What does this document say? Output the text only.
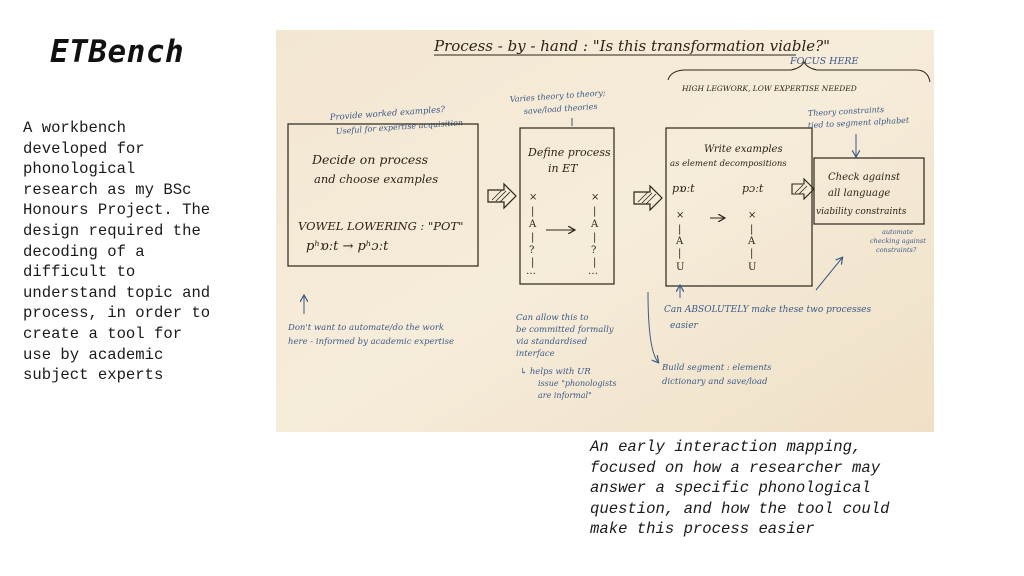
ETBench
A workbench
developed for
phonological
research as my BSc
Honours Project. The
design required the
decoding of a
difficult to
understand topic and
process, in order to
create a tool for
use by academic
subject experts
Process - by - hand : "Is this transformation viable?"
FOCUS HERE
HIGH LEGWORK, LOW EXPERTISE NEEDED
Provide worked examples?
Useful for expertise acquisition
Decide on process
and choose examples
VOWEL LOWERING : "POT"
pʰɒːt → pʰɔːt
Don't want to automate/do the work
here - informed by academic expertise
Varies theory to theory;
save/load theories
Define process
in ET
×
|
A
|
?
|
…
×
|
A
|
?
|
…
Can allow this to
be committed formally
via standardised
interface
↳ helps with UR
issue "phonologists
are informal"
Write examples
as element decompositions
pɒːt	pɔːt
×
|
A
|
U
×
|
A
|
U
Can ABSOLUTELY make these two processes
easier
Build segment : elements
dictionary and save/load
Theory constraints
tied to segment alphabet
Check against
all language
viability constraints
automate
checking against
constraints?
An early interaction mapping,
focused on how a researcher may
answer a specific phonological
question, and how the tool could
make this process easier
